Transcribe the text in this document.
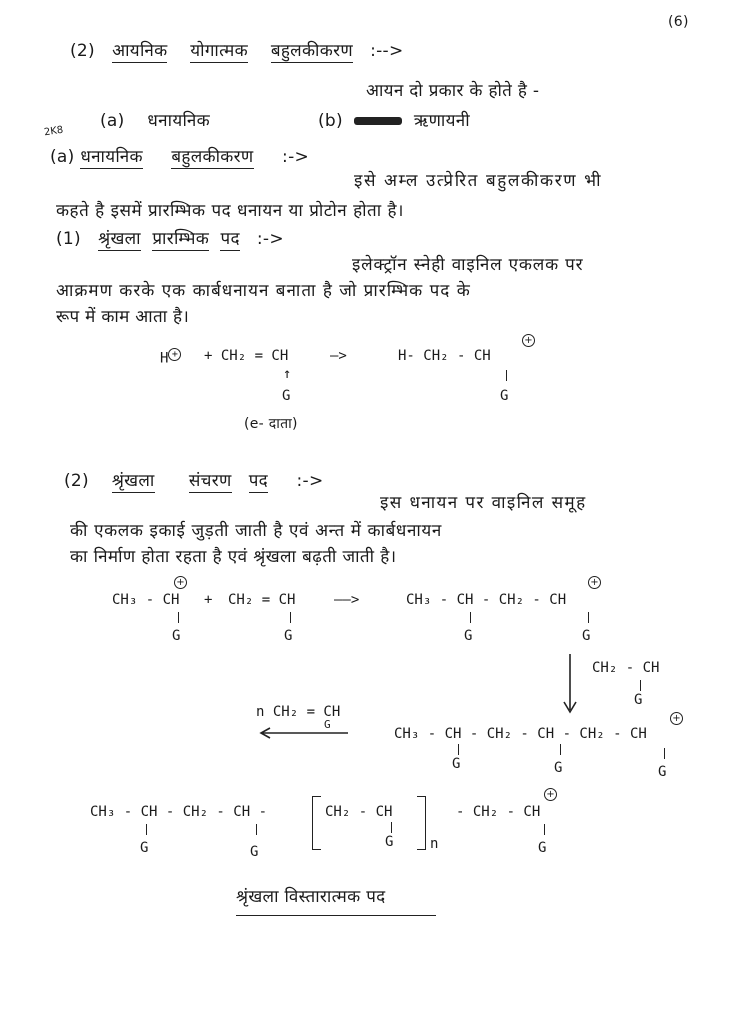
(6)
(2) आयनिक योगात्मक बहुलकीकरण :-->
आयन दो प्रकार के होते है -
(a) धनायनिक	(b)	ऋणायनी
2K8
(a) धनायनिक बहुलकीकरण :->
इसे अम्ल उत्प्रेरित बहुलकीकरण भी
कहते है इसमें प्रारम्भिक पद धनायन या प्रोटोन होता है।
(1) श्रृंखला प्रारम्भिक पद :->
इलेक्ट्रॉन स्नेही वाइनिल एकलक पर
आक्रमण करके एक कार्बधनायन बनाता है जो प्रारम्भिक पद के
रूप में काम आता है।
H + + CH₂ = CH	—>	H- CH₂ - CH
+
↑
G	G
(e- दाता)
(2) श्रृंखला संचरण पद :->
इस धनायन पर वाइनिल समूह
की एकलक इकाई जुड़ती जाती है एवं अन्त में कार्बधनायन
का निर्माण होता रहता है एवं श्रृंखला बढ़ती जाती है।
CH₃ - CH
+
+ CH₂ = CH	——>	CH₃ - CH - CH₂ - CH
+
G	G	G	G
CH₂ - CH
G
n CH₂ = CH
G
CH₃ - CH - CH₂ - CH - CH₂ - CH
+
G	G	G
CH₃ - CH - CH₂ - CH -	CH₂ - CH
G	n
- CH₂ - CH
+
G	G	G
श्रृंखला विस्तारात्मक पद
